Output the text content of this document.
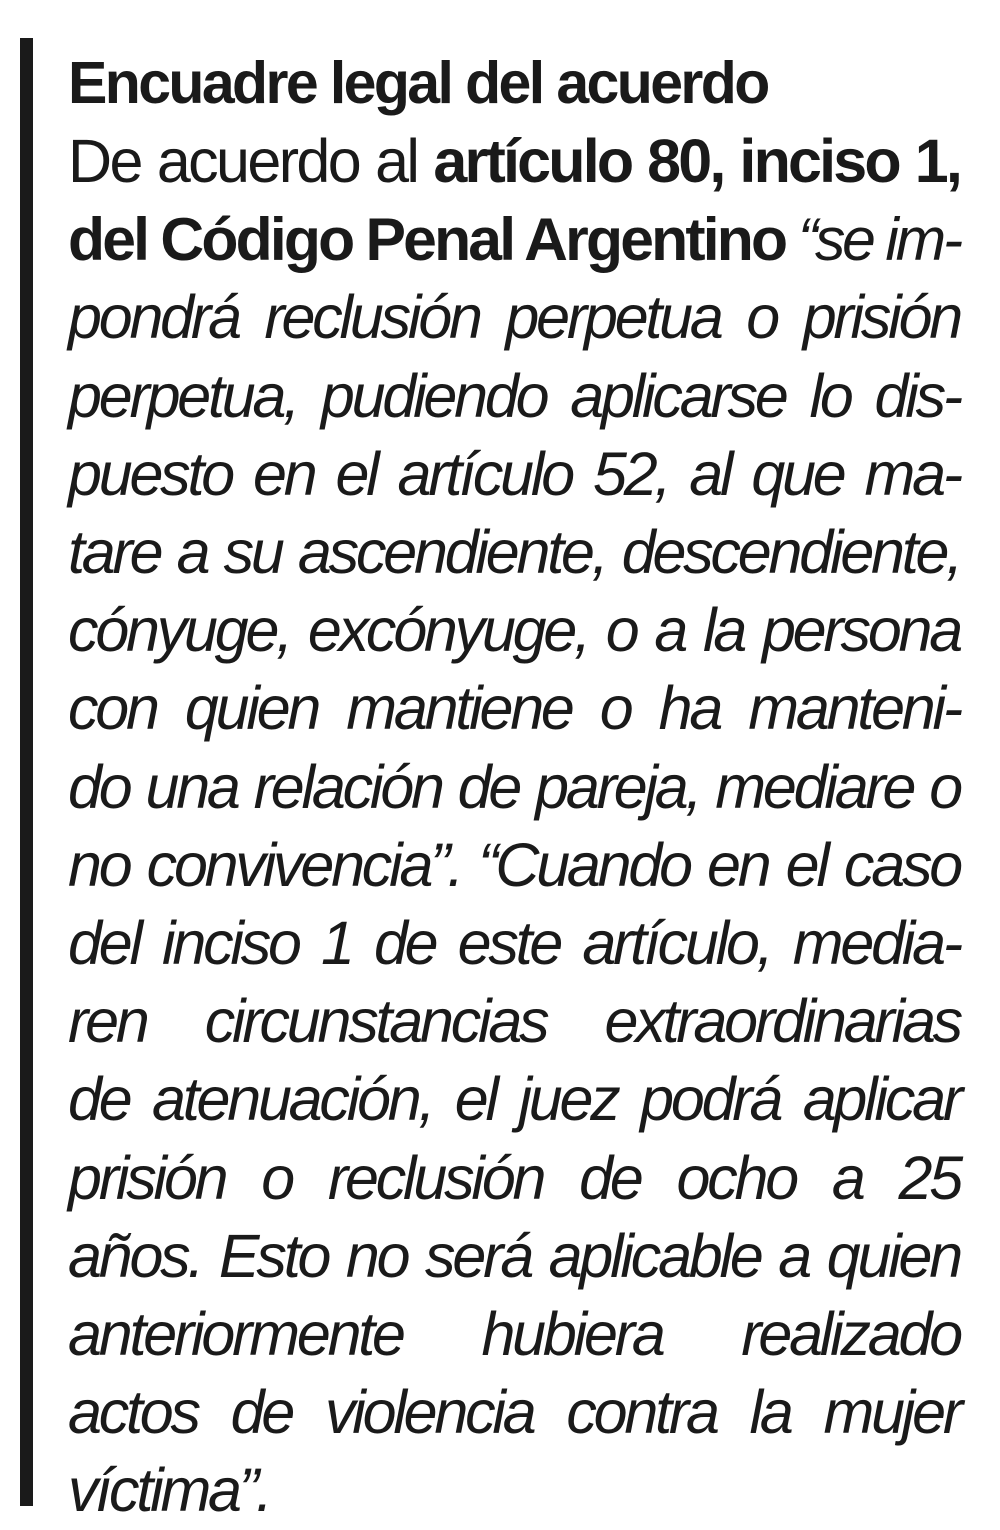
Encuadre legal del acuerdo

De acuerdo al artículo 80, inciso 1,
del Código Penal Argentino “se im-
pondrá reclusión perpetua o prisión
perpetua, pudiendo aplicarse lo dis-
puesto en el artículo 52, al que ma-
tare a su ascendiente, descendiente,
cónyuge, excónyuge, o a la persona
con quien mantiene o ha manteni-
do una relación de pareja, mediare o
no convivencia”. “Cuando en el caso
del inciso 1 de este artículo, media-
ren circunstancias extraordinarias
de atenuación, el juez podrá aplicar
prisión o reclusión de ocho a 25
años. Esto no será aplicable a quien
anteriormente hubiera realizado
actos de violencia contra la mujer
víctima”.
